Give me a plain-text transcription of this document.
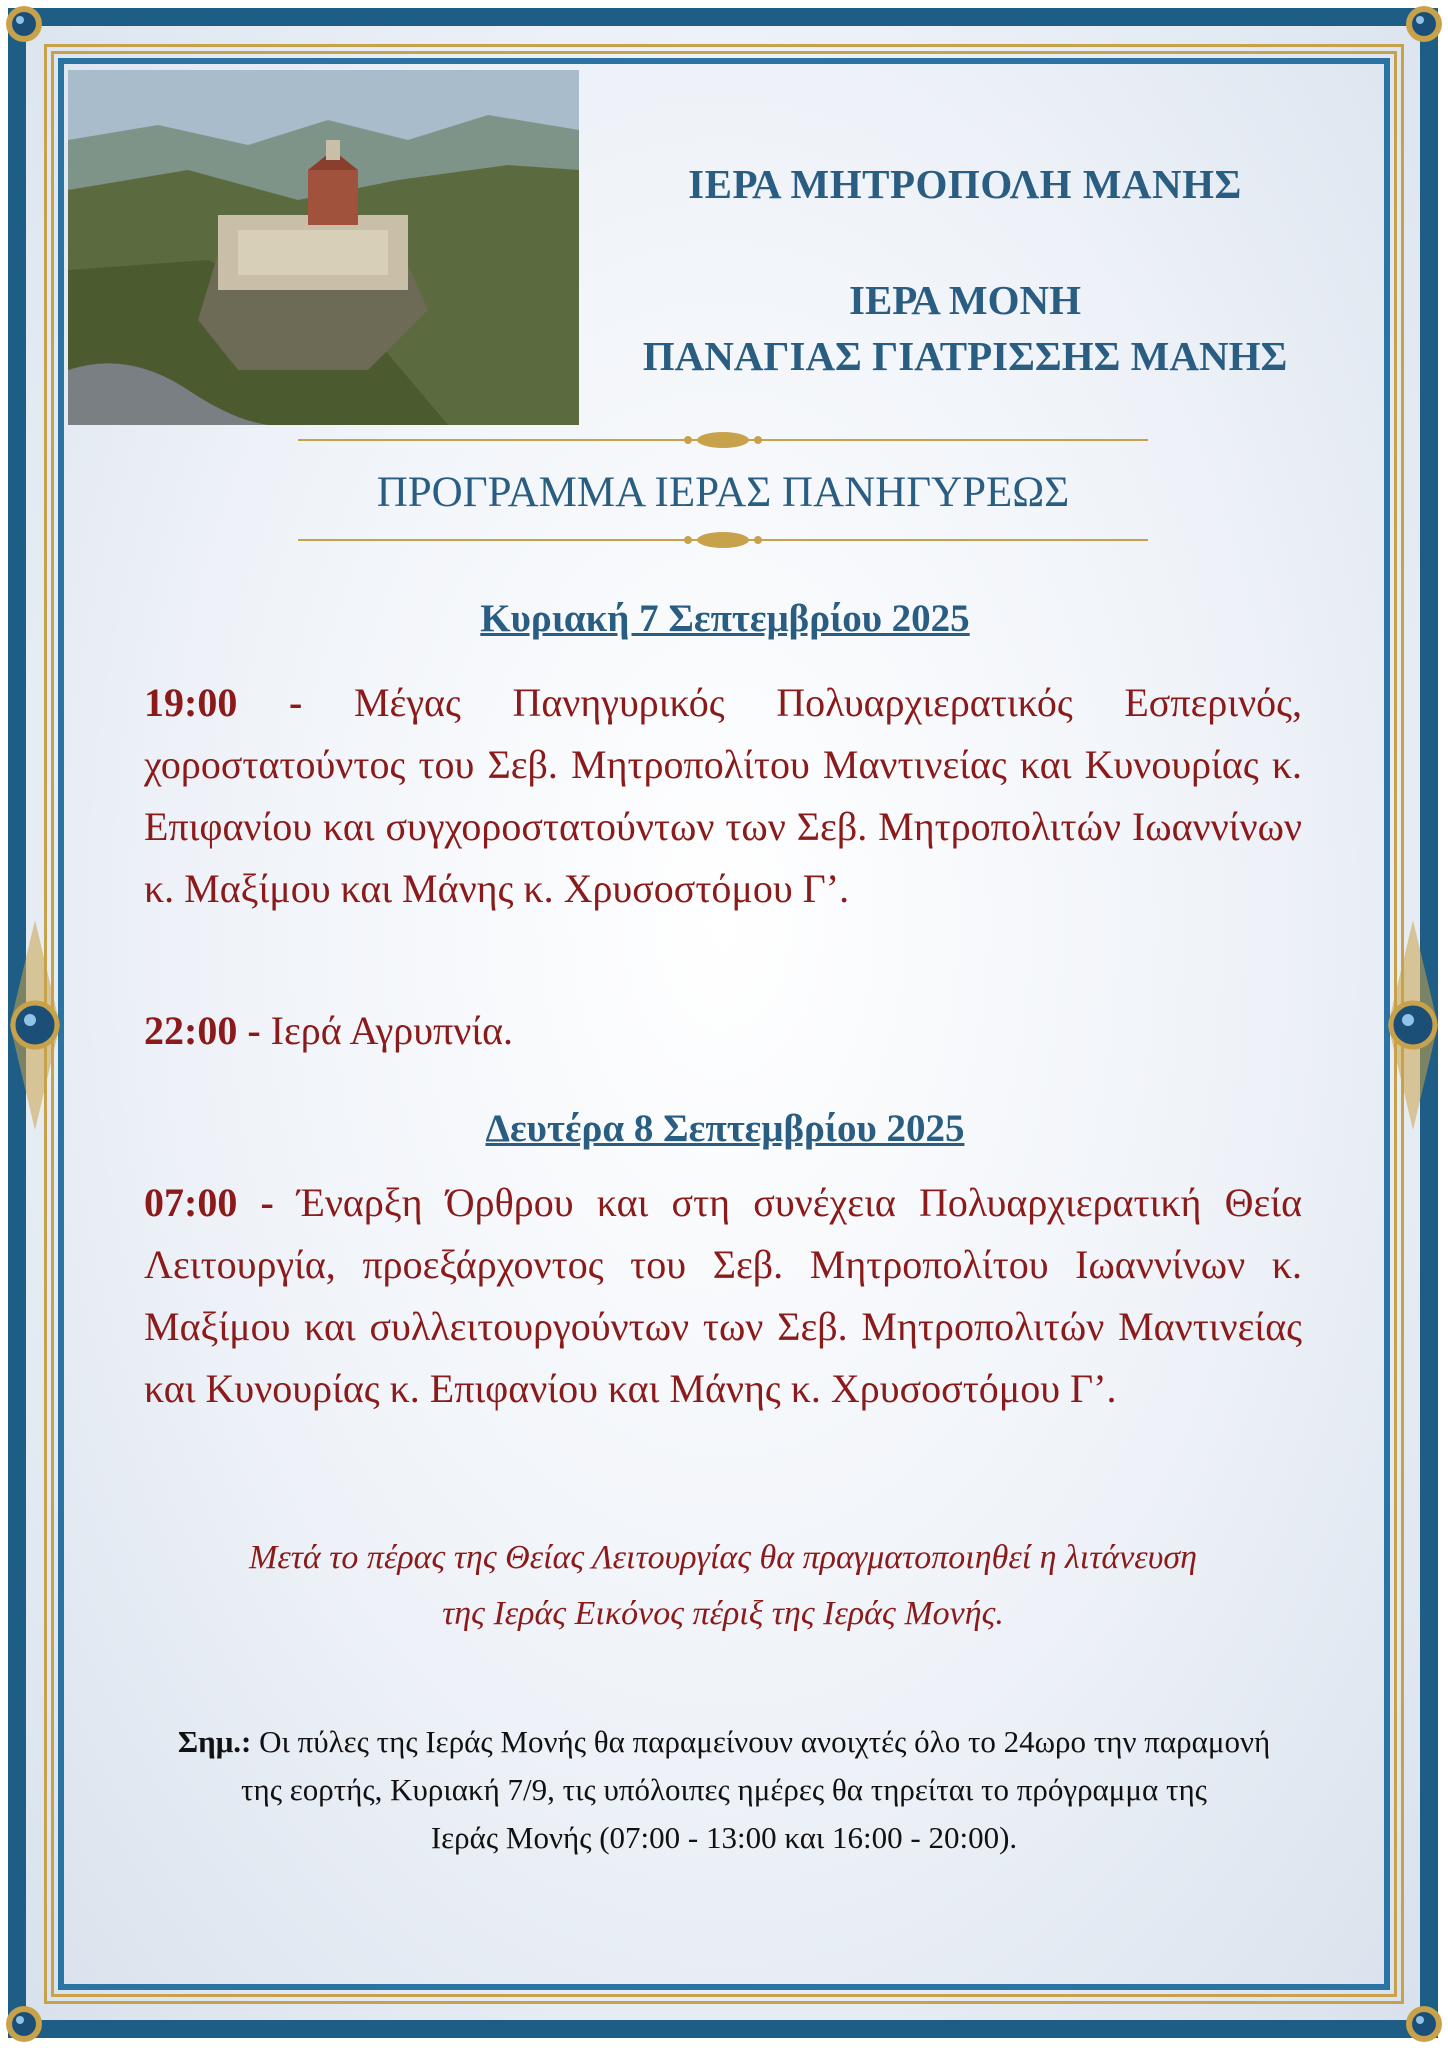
ΙΕΡΑ ΜΗΤΡΟΠΟΛΗ ΜΑΝΗΣ
ΙΕΡΑ ΜΟΝΗ
ΠΑΝΑΓΙΑΣ ΓΙΑΤΡΙΣΣΗΣ ΜΑΝΗΣ
ΠΡΟΓΡΑΜΜΑ ΙΕΡΑΣ ΠΑΝΗΓΥΡΕΩΣ
Κυριακή 7 Σεπτεμβρίου 2025
19:00 - Μέγας Πανηγυρικός Πολυαρχιερατικός Εσπερινός, χοροστατούντος του Σεβ. Μητροπολίτου Μαντινείας και Κυνουρίας κ. Επιφανίου και συγχοροστατούντων των Σεβ. Μητροπολιτών Ιωαννίνων κ. Μαξίμου και Μάνης κ. Χρυσοστόμου Γ’.
22:00 - Ιερά Αγρυπνία.
Δευτέρα 8 Σεπτεμβρίου 2025
07:00 - Έναρξη Όρθρου και στη συνέχεια Πολυαρχιερατική Θεία Λειτουργία, προεξάρχοντος του Σεβ. Μητροπολίτου Ιωαννίνων κ. Μαξίμου και συλλειτουργούντων των Σεβ. Μητροπολιτών Μαντινείας και Κυνουρίας κ. Επιφανίου και Μάνης κ. Χρυσοστόμου Γ’.
Μετά το πέρας της Θείας Λειτουργίας θα πραγματοποιηθεί η λιτάνευση
της Ιεράς Εικόνος πέριξ της Ιεράς Μονής.
Σημ.: Οι πύλες της Ιεράς Μονής θα παραμείνουν ανοιχτές όλο το 24ωρο την παραμονή
της εορτής, Κυριακή 7/9, τις υπόλοιπες ημέρες θα τηρείται το πρόγραμμα της
Ιεράς Μονής (07:00 - 13:00 και 16:00 - 20:00).
